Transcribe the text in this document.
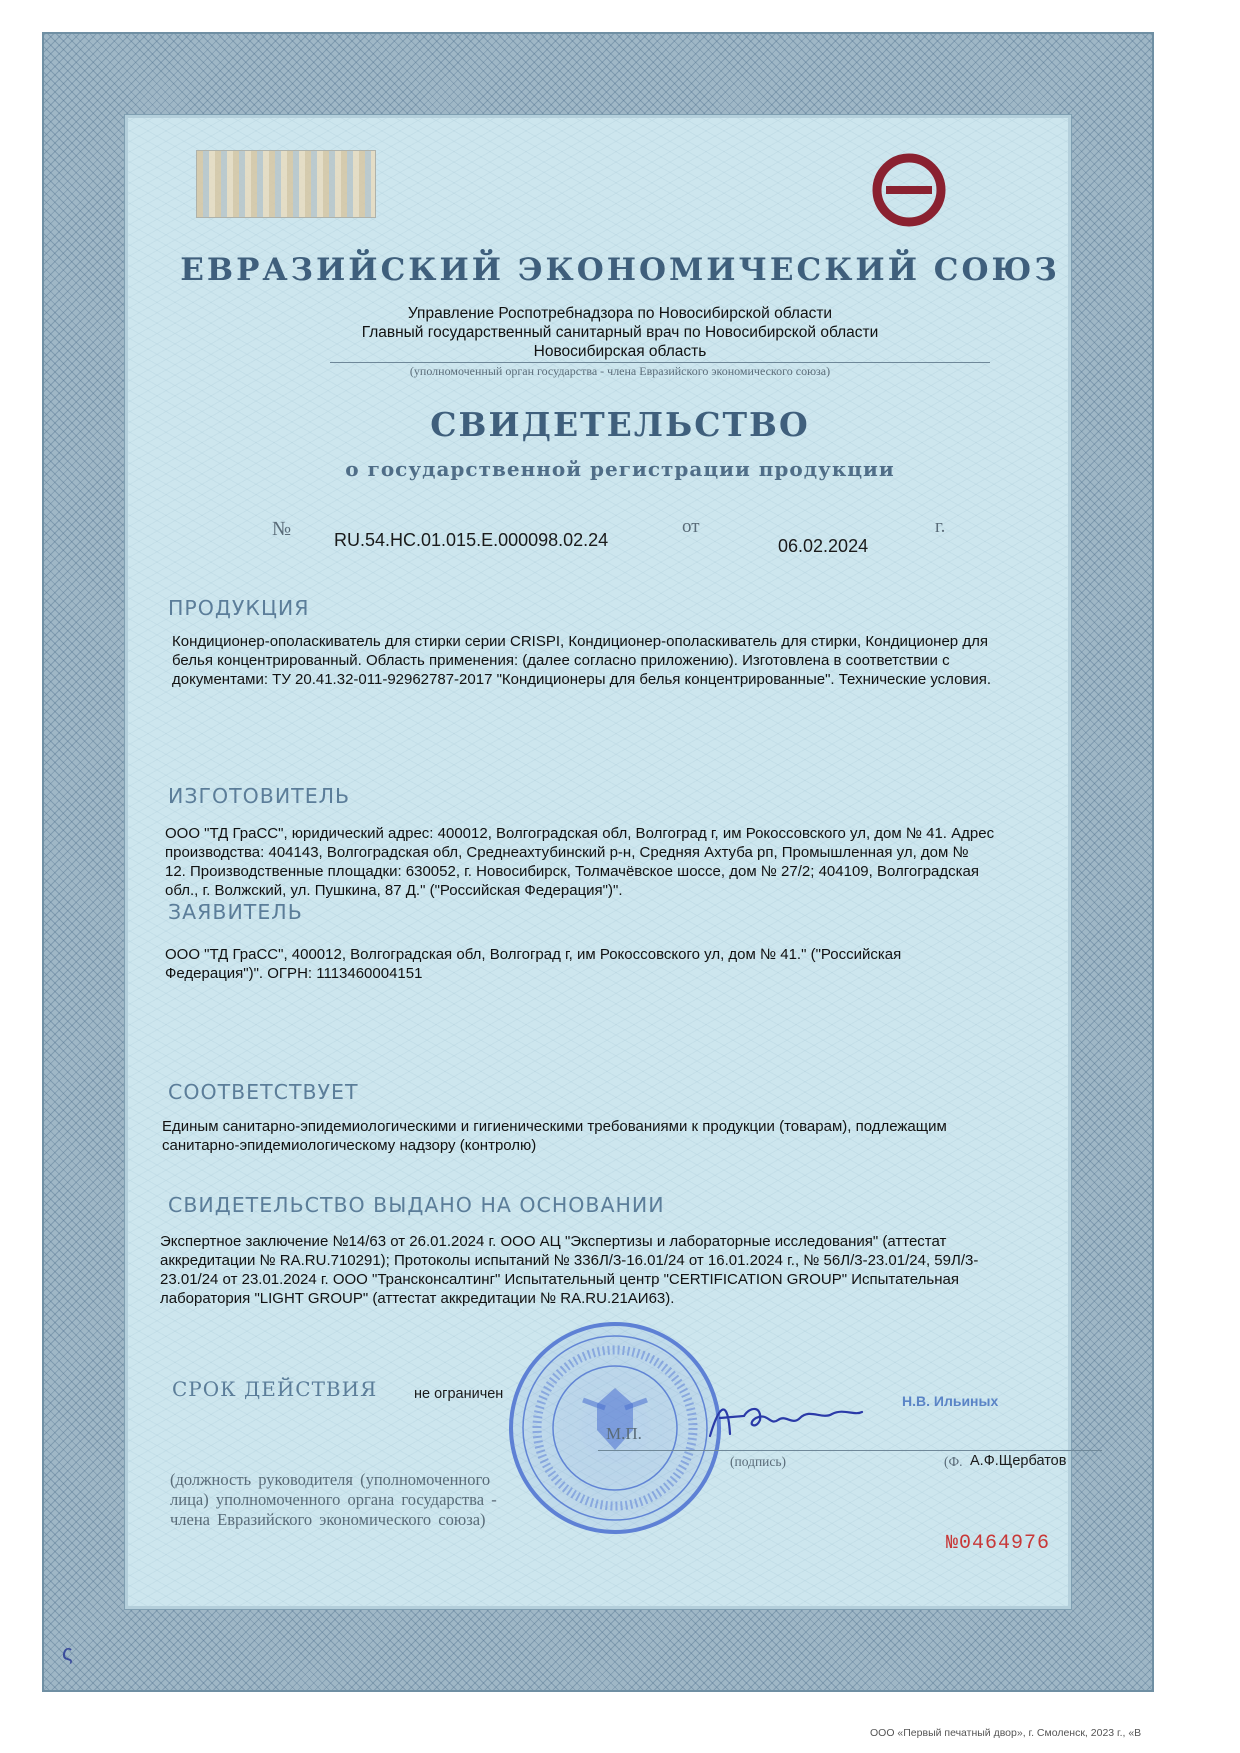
ЕВРАЗИЙСКИЙ ЭКОНОМИЧЕСКИЙ СОЮЗ
Управление Роспотребнадзора по Новосибирской области
Главный государственный санитарный врач по Новосибирской области
Новосибирская область
(уполномоченный орган государства - члена Евразийского экономического союза)
СВИДЕТЕЛЬСТВО
о государственной регистрации продукции
№ RU.54.НС.01.015.Е.000098.02.24
от
06.02.2024
г.
ПРОДУКЦИЯ
Кондиционер-ополаскиватель для стирки серии CRISPI, Кондиционер-ополаскиватель для стирки, Кондиционер для
белья концентрированный. Область применения: (далее согласно приложению). Изготовлена в соответствии с
документами: ТУ 20.41.32-011-92962787-2017 "Кондиционеры для белья концентрированные". Технические условия.
ИЗГОТОВИТЕЛЬ
ООО "ТД ГраСС", юридический адрес: 400012, Волгоградская обл, Волгоград г, им Рокоссовского ул, дом № 41. Адрес
производства: 404143, Волгоградская обл, Среднеахтубинский р-н, Средняя Ахтуба рп, Промышленная ул, дом №
12. Производственные площадки: 630052, г. Новосибирск, Толмачёвское шоссе, дом № 27/2; 404109, Волгоградская
обл., г. Волжский, ул. Пушкина, 87 Д." ("Российская Федерация")".
ЗАЯВИТЕЛЬ
ООО "ТД ГраСС", 400012, Волгоградская обл, Волгоград г, им Рокоссовского ул, дом № 41." ("Российская
Федерация")". ОГРН: 1113460004151
СООТВЕТСТВУЕТ
Единым санитарно-эпидемиологическими и гигиеническими требованиями к продукции (товарам), подлежащим
санитарно-эпидемиологическому надзору (контролю)
СВИДЕТЕЛЬСТВО ВЫДАНО НА ОСНОВАНИИ
Экспертное заключение №14/63 от 26.01.2024 г. ООО АЦ "Экспертизы и лабораторные исследования" (аттестат
аккредитации № RA.RU.710291); Протоколы испытаний № 336Л/3-16.01/24 от 16.01.2024 г., № 56Л/3-23.01/24, 59Л/3-
23.01/24 от 23.01.2024 г. ООО "Трансконсалтинг" Испытательный центр "CERTIFICATION GROUP" Испытательная
лаборатория "LIGHT GROUP" (аттестат аккредитации № RA.RU.21АИ63).
СРОК ДЕЙСТВИЯ	не ограничен	Н.В. Ильиных
М.П.
(подпись)	(Ф. А.Ф.Щербатов
(должность руководителя (уполномоченного
лица) уполномоченного органа государства -
члена Евразийского экономического союза)
№0464976
ς
ООО «Первый печатный двор», г. Смоленск, 2023 г., «В
